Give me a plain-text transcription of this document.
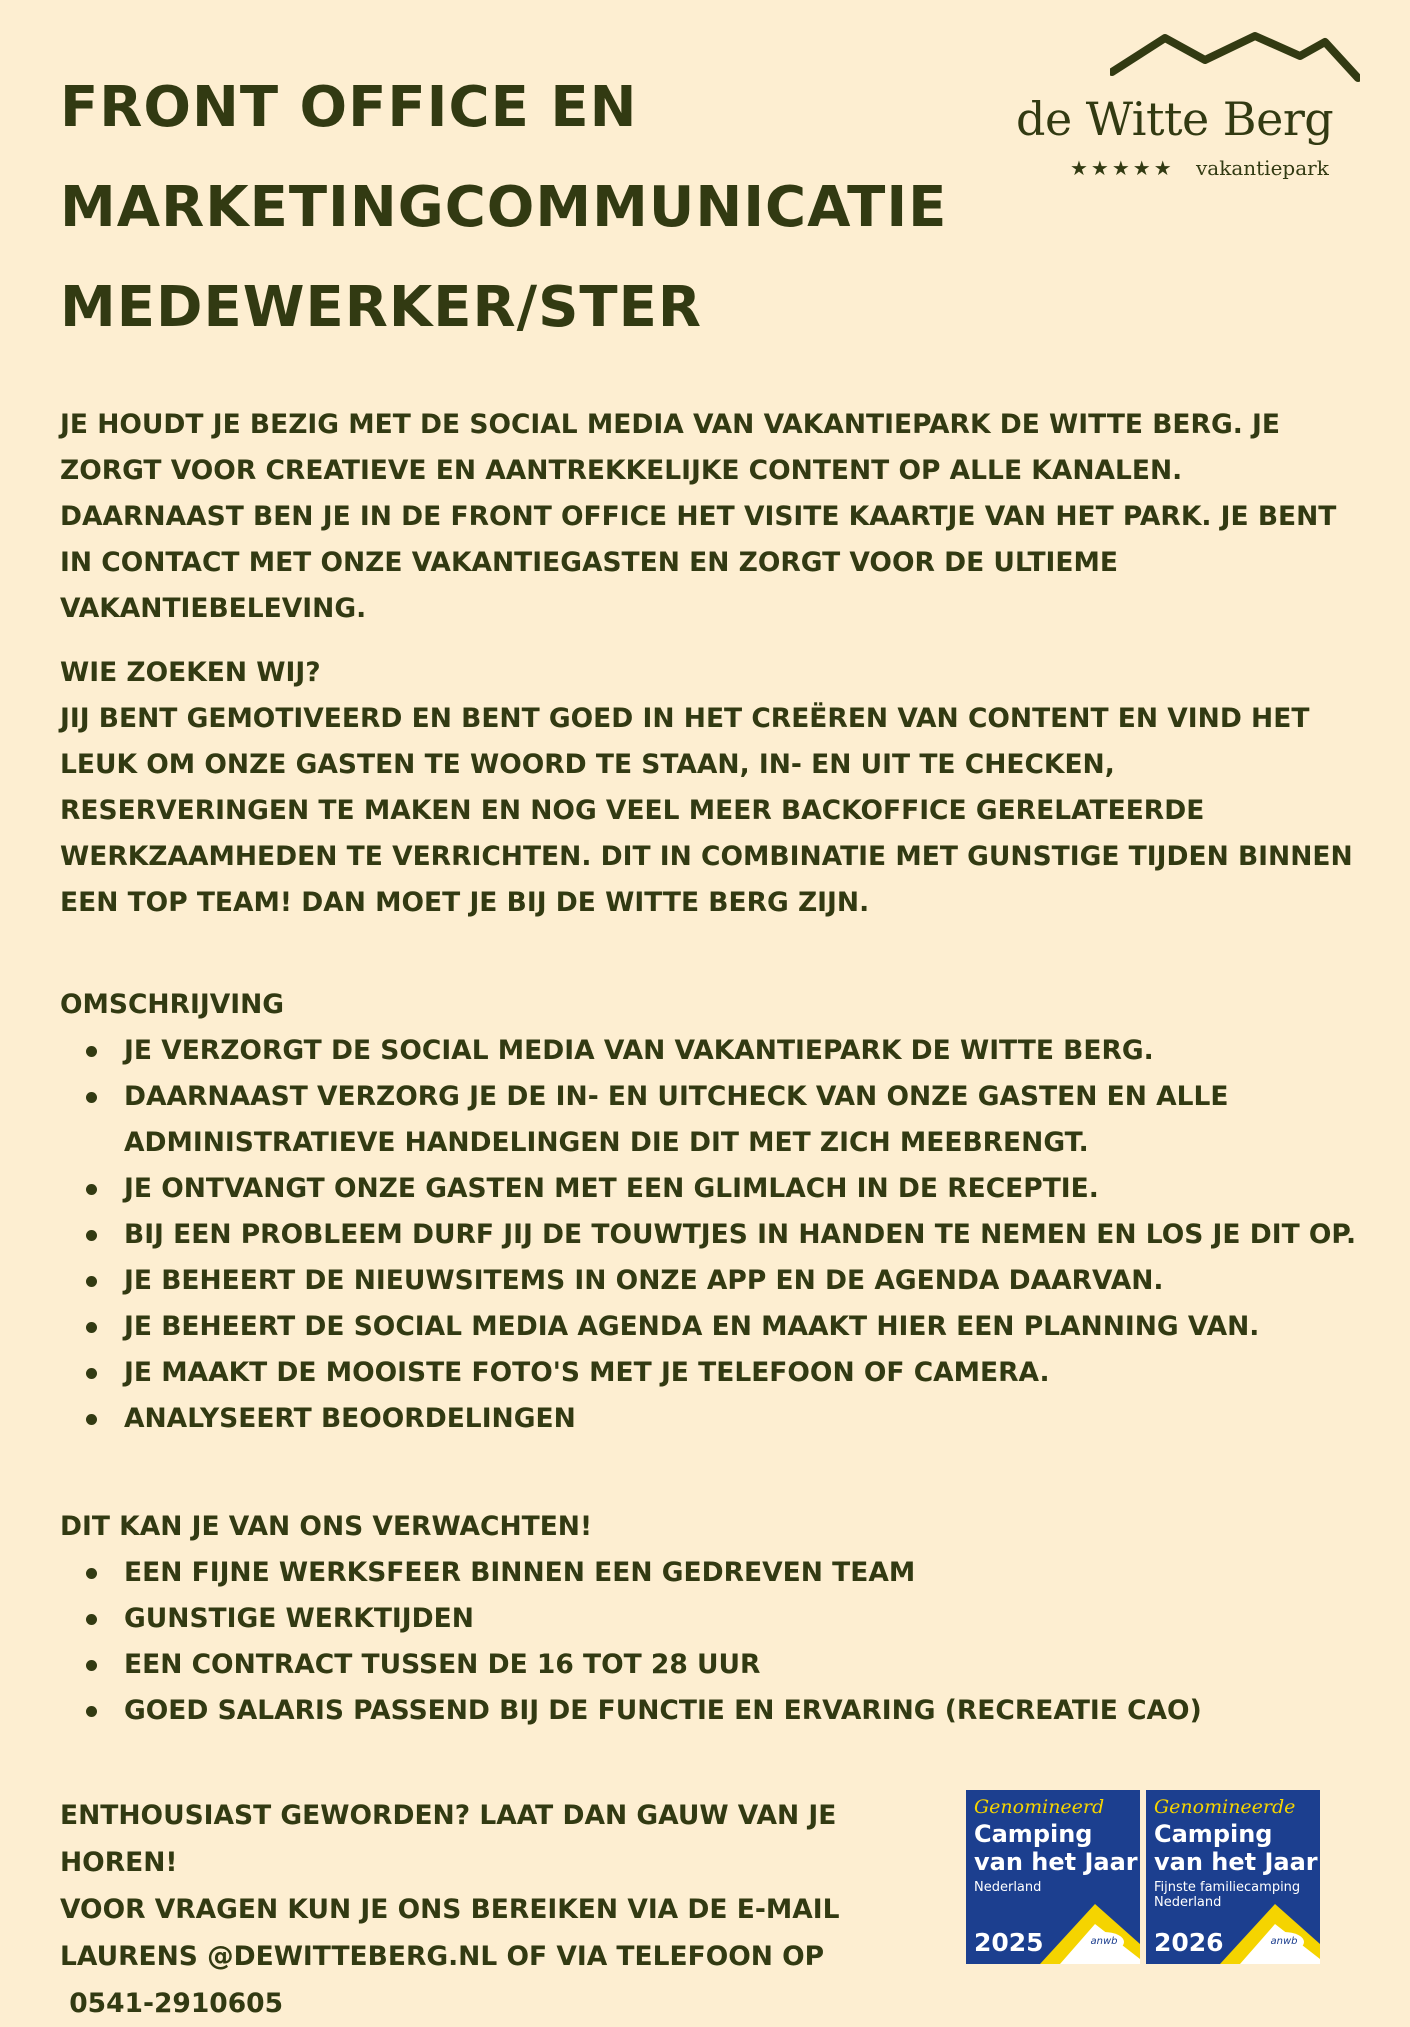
FRONT OFFICE EN
MARKETINGCOMMUNICATIE
MEDEWERKER/STER
de Witte Berg
★★★★★ vakantiepark

JE HOUDT JE BEZIG MET DE SOCIAL MEDIA VAN VAKANTIEPARK DE WITTE BERG. JE ZORGT VOOR CREATIEVE EN AANTREKKELIJKE CONTENT OP ALLE KANALEN. DAARNAAST BEN JE IN DE FRONT OFFICE HET VISITE KAARTJE VAN HET PARK. JE BENT IN CONTACT MET ONZE VAKANTIEGASTEN EN ZORGT VOOR DE ULTIEME VAKANTIEBELEVING.

WIE ZOEKEN WIJ?

JIJ BENT GEMOTIVEERD EN BENT GOED IN HET CREËREN VAN CONTENT EN VIND HET LEUK OM ONZE GASTEN TE WOORD TE STAAN, IN- EN UIT TE CHECKEN, RESERVERINGEN TE MAKEN EN NOG VEEL MEER BACKOFFICE GERELATEERDE WERKZAAMHEDEN TE VERRICHTEN. DIT IN COMBINATIE MET GUNSTIGE TIJDEN BINNEN EEN TOP TEAM! DAN MOET JE BIJ DE WITTE BERG ZIJN.

OMSCHRIJVING

JE VERZORGT DE SOCIAL MEDIA VAN VAKANTIEPARK DE WITTE BERG.
DAARNAAST VERZORG JE DE IN- EN UITCHECK VAN ONZE GASTEN EN ALLE ADMINISTRATIEVE HANDELINGEN DIE DIT MET ZICH MEEBRENGT.
JE ONTVANGT ONZE GASTEN MET EEN GLIMLACH IN DE RECEPTIE.
BIJ EEN PROBLEEM DURF JIJ DE TOUWTJES IN HANDEN TE NEMEN EN LOS JE DIT OP.
JE BEHEERT DE NIEUWSITEMS IN ONZE APP EN DE AGENDA DAARVAN.
JE BEHEERT DE SOCIAL MEDIA AGENDA EN MAAKT HIER EEN PLANNING VAN.
JE MAAKT DE MOOISTE FOTO'S MET JE TELEFOON OF CAMERA.
ANALYSEERT BEOORDELINGEN

DIT KAN JE VAN ONS VERWACHTEN!

EEN FIJNE WERKSFEER BINNEN EEN GEDREVEN TEAM
GUNSTIGE WERKTIJDEN
EEN CONTRACT TUSSEN DE 16 TOT 28 UUR
GOED SALARIS PASSEND BIJ DE FUNCTIE EN ERVARING (RECREATIE CAO)

ENTHOUSIAST GEWORDEN? LAAT DAN GAUW VAN JE HOREN!

VOOR VRAGEN KUN JE ONS BEREIKEN VIA DE E-MAIL

LAURENS @DEWITTEBERG.NL OF VIA TELEFOON OP

0541-2910605

Genomineerd
Camping
van het Jaar
Nederland
2025	anwb
Genomineerde
Camping
van het Jaar
Fijnste familiecamping Nederland
2026	anwb
